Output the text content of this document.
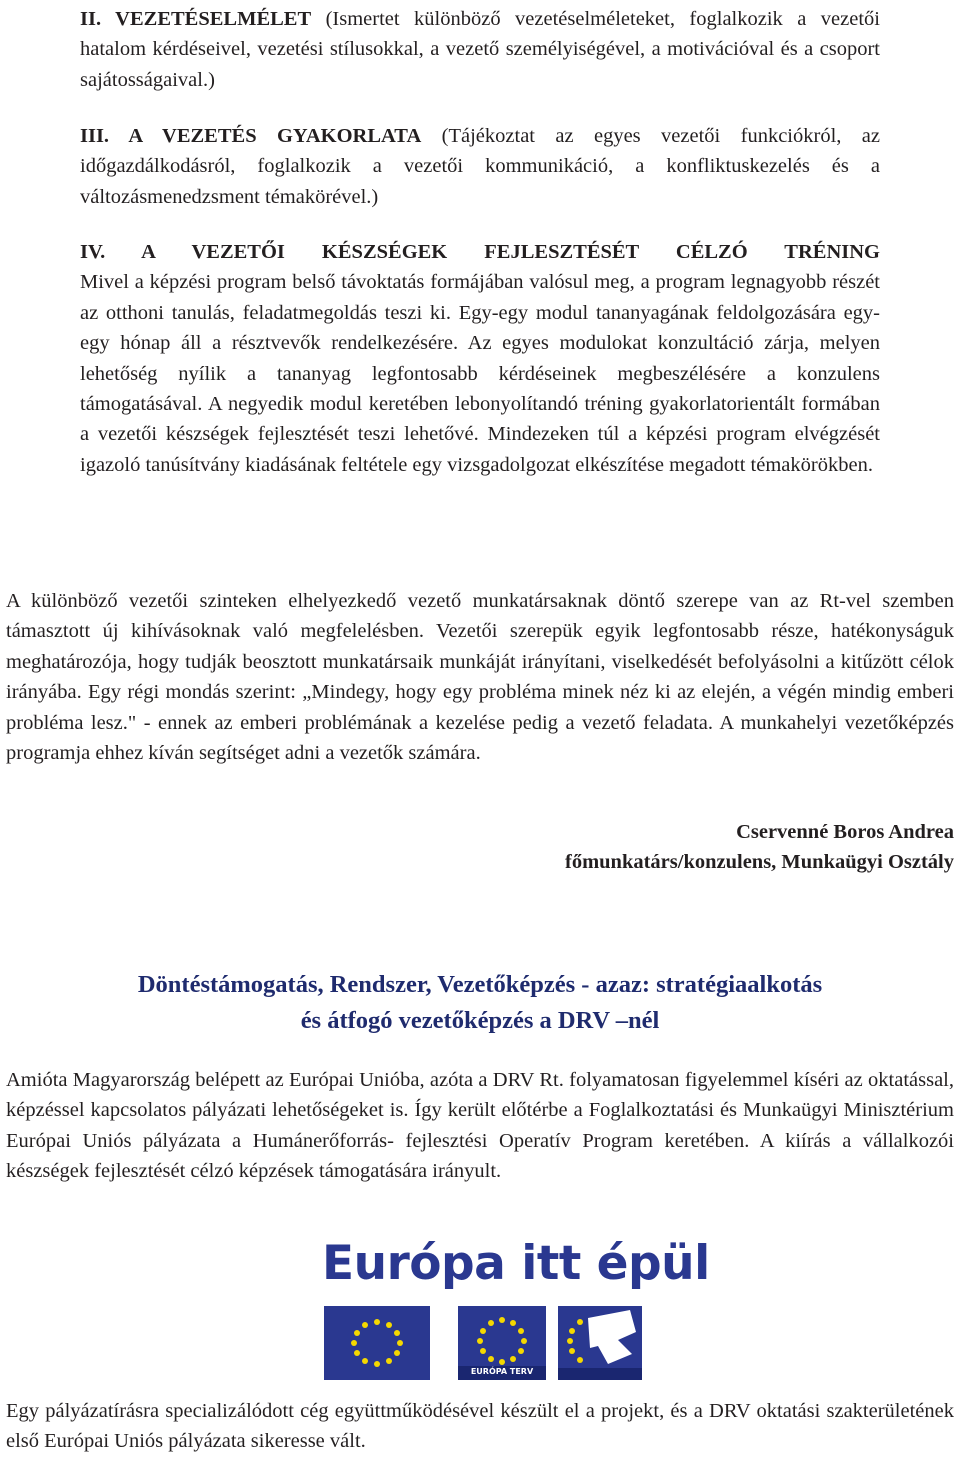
II. VEZETÉSELMÉLET (Ismertet különböző vezetéselméleteket, foglalkozik a vezetői hatalom kérdéseivel, vezetési stílusokkal, a vezető személyiségével, a motivációval és a csoport sajátosságaival.)
III. A VEZETÉS GYAKORLATA (Tájékoztat az egyes vezetői funkciókról, az időgazdálkodásról, foglalkozik a vezetői kommunikáció, a konfliktuskezelés és a változásmenedzsment témakörével.)
IV. A VEZETŐI KÉSZSÉGEK FEJLESZTÉSÉT CÉLZÓ TRÉNING
Mivel a képzési program belső távoktatás formájában valósul meg, a program legnagyobb részét az otthoni tanulás, feladatmegoldás teszi ki. Egy-egy modul tananyagának feldolgozására egy-egy hónap áll a résztvevők rendelkezésére. Az egyes modulokat konzultáció zárja, melyen lehetőség nyílik a tananyag legfontosabb kérdéseinek megbeszélésére a konzulens támogatásával. A negyedik modul keretében lebonyolítandó tréning gyakorlatorientált formában a vezetői készségek fejlesztését teszi lehetővé. Mindezeken túl a képzési program elvégzését igazoló tanúsítvány kiadásának feltétele egy vizsgadolgozat elkészítése megadott témakörökben.
A különböző vezetői szinteken elhelyezkedő vezető munkatársaknak döntő szerepe van az Rt-vel szemben támasztott új kihívásoknak való megfelelésben. Vezetői szerepük egyik legfontosabb része, hatékonyságuk meghatározója, hogy tudják beosztott munkatársaik munkáját irányítani, viselkedését befolyásolni a kitűzött célok irányába. Egy régi mondás szerint: „Mindegy, hogy egy probléma minek néz ki az elején, a végén mindig emberi probléma lesz." - ennek az emberi problémának a kezelése pedig a vezető feladata. A munkahelyi vezetőképzés programja ehhez kíván segítséget adni a vezetők számára.
Cservenné Boros Andrea
főmunkatárs/konzulens, Munkaügyi Osztály
Döntéstámogatás, Rendszer, Vezetőképzés - azaz: stratégiaalkotás
és átfogó vezetőképzés a DRV –nél
Amióta Magyarország belépett az Európai Unióba, azóta a DRV Rt. folyamatosan figyelemmel kíséri az oktatással, képzéssel kapcsolatos pályázati lehetőségeket is. Így került előtérbe a Foglalkoztatási és Munkaügyi Minisztérium Európai Uniós pályázata a Humánerőforrás- fejlesztési Operatív Program keretében. A kiírás a vállalkozói készségek fejlesztését célzó képzések támogatására irányult.
Európa itt épül
EURÓPA TERV
Egy pályázatírásra specializálódott cég együttműködésével készült el a projekt, és a DRV oktatási szakterületének első Európai Uniós pályázata sikeresse vált.
